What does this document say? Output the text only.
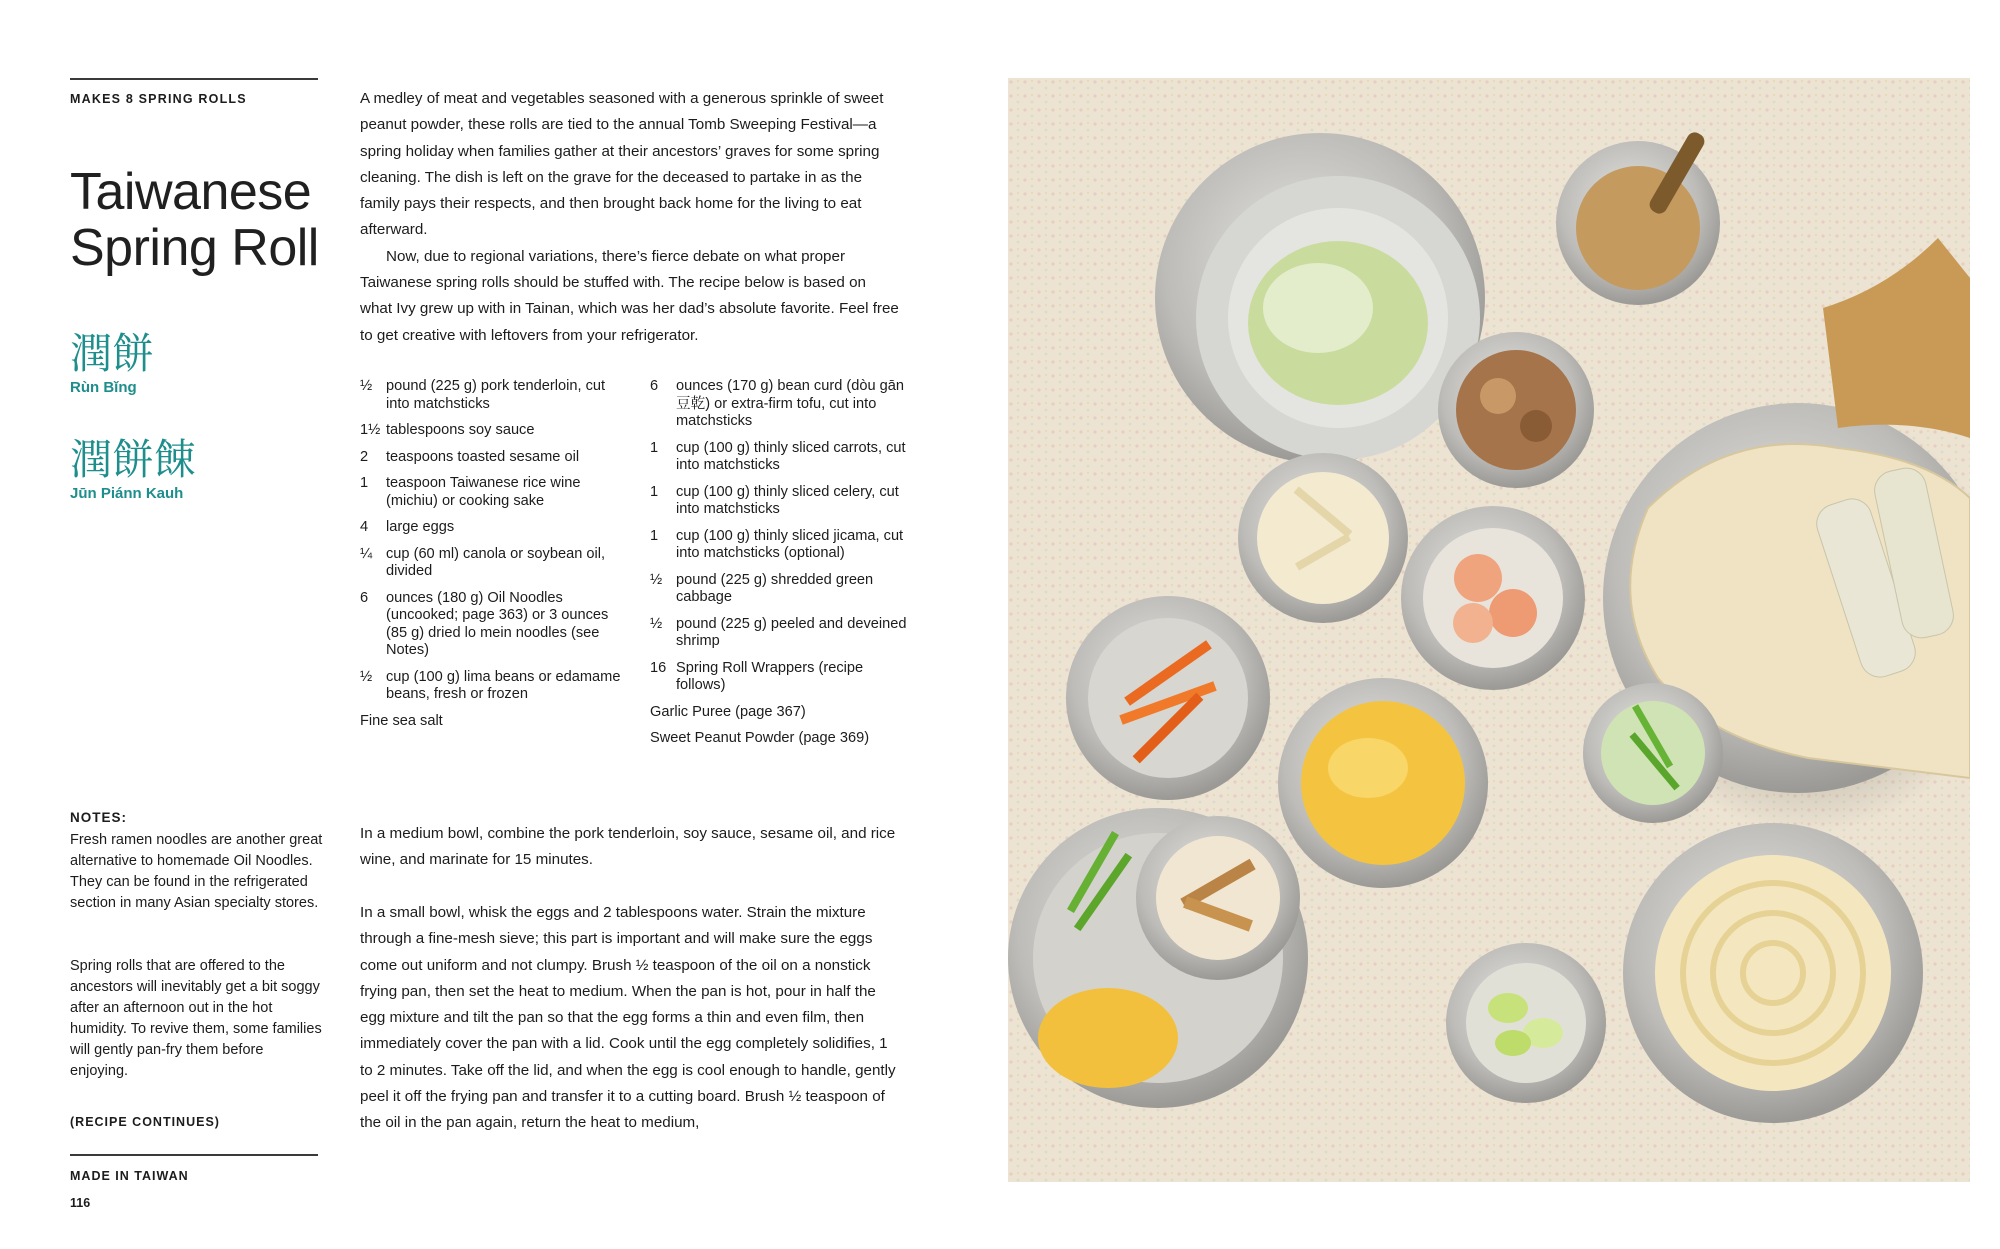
MAKES 8 SPRING ROLLS
Taiwanese
Spring Roll
潤餅
Rùn Bǐng
潤餅餗
Jūn Piánn Kauh
NOTES:

Fresh ramen noodles are another great alternative to homemade Oil Noodles. They can be found in the refrigerated section in many Asian specialty stores.

Spring rolls that are offered to the ancestors will inevitably get a bit soggy after an afternoon out in the hot humidity. To revive them, some families will gently pan-fry them before enjoying.

(RECIPE CONTINUES)
MADE IN TAIWAN
116

A medley of meat and vegetables seasoned with a generous sprinkle of sweet peanut powder, these rolls are tied to the annual Tomb Sweeping Festival—a spring holiday when families gather at their ancestors’ graves for some spring cleaning. The dish is left on the grave for the deceased to partake in as the family pays their respects, and then brought back home for the living to eat afterward.

Now, due to regional variations, there’s fierce debate on what proper Taiwanese spring rolls should be stuffed with. The recipe below is based on what Ivy grew up with in Tainan, which was her dad’s absolute favorite. Feel free to get creative with leftovers from your refrigerator.

½ pound (225 g) pork tenderloin, cut into matchsticks
1½ tablespoons soy sauce
2	teaspoons toasted sesame oil
1	teaspoon Taiwanese rice wine (michiu) or cooking sake
4	large eggs
¼ cup (60 ml) canola or soybean oil, divided
6	ounces (180 g) Oil Noodles (uncooked; page 363) or 3 ounces (85 g) dried lo mein noodles (see Notes)
½ cup (100 g) lima beans or edamame beans, fresh or frozen
Fine sea salt
6	ounces (170 g) bean curd (dòu gān 豆乾) or extra-firm tofu, cut into matchsticks
1	cup (100 g) thinly sliced carrots, cut into matchsticks
1	cup (100 g) thinly sliced celery, cut into matchsticks
1	cup (100 g) thinly sliced jicama, cut into matchsticks (optional)
½ pound (225 g) shredded green cabbage
½ pound (225 g) peeled and deveined shrimp
16 Spring Roll Wrappers (recipe follows)
Garlic Puree (page 367)
Sweet Peanut Powder (page 369)

In a medium bowl, combine the pork tenderloin, soy sauce, sesame oil, and rice wine, and marinate for 15 minutes.

In a small bowl, whisk the eggs and 2 tablespoons water. Strain the mixture through a fine-mesh sieve; this part is important and will make sure the eggs come out uniform and not clumpy. Brush ½ teaspoon of the oil on a nonstick frying pan, then set the heat to medium. When the pan is hot, pour in half the egg mixture and tilt the pan so that the egg forms a thin and even film, then immediately cover the pan with a lid. Cook until the egg completely solidifies, 1 to 2 minutes. Take off the lid, and when the egg is cool enough to handle, gently peel it off the frying pan and transfer it to a cutting board. Brush ½ teaspoon of the oil in the pan again, return the heat to medium,
